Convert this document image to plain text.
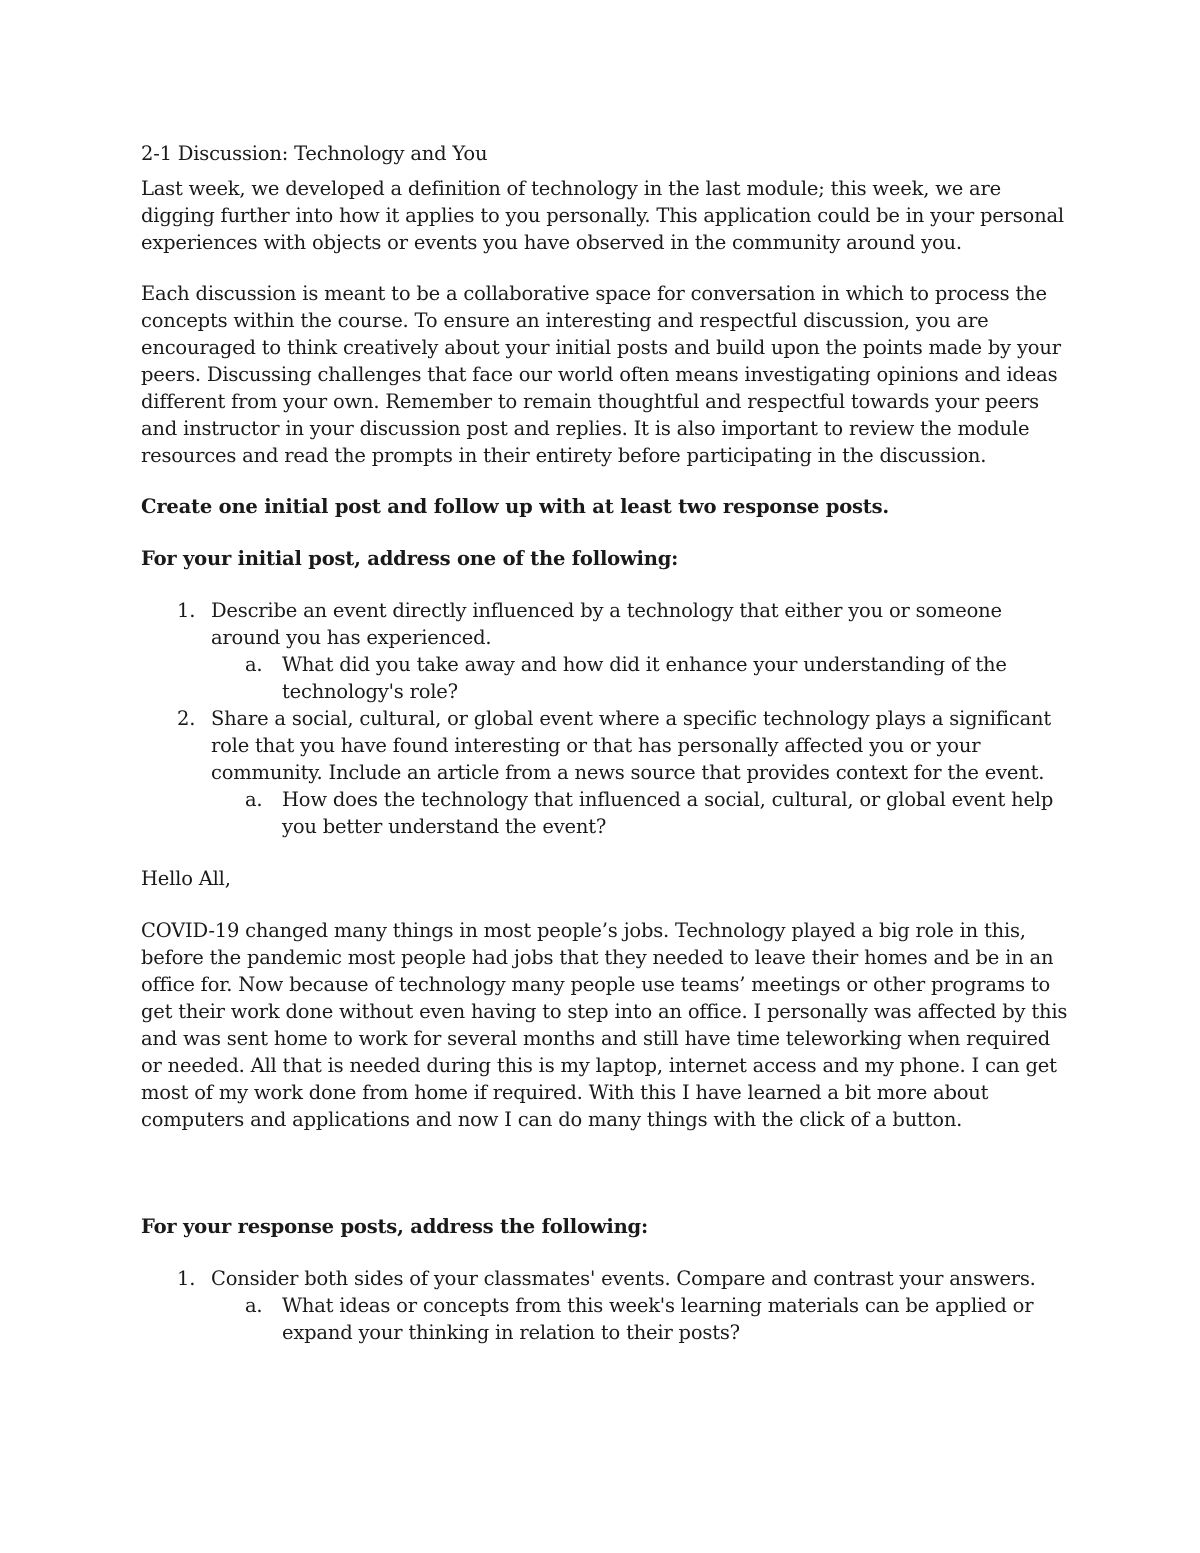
2-1 Discussion: Technology and You

Last week, we developed a definition of technology in the last module; this week, we are digging further into how it applies to you personally. This application could be in your personal experiences with objects or events you have observed in the community around you.

Each discussion is meant to be a collaborative space for conversation in which to process the concepts within the course. To ensure an interesting and respectful discussion, you are encouraged to think creatively about your initial posts and build upon the points made by your peers. Discussing challenges that face our world often means investigating opinions and ideas different from your own. Remember to remain thoughtful and respectful towards your peers and instructor in your discussion post and replies. It is also important to review the module resources and read the prompts in their entirety before participating in the discussion.

Create one initial post and follow up with at least two response posts.

For your initial post, address one of the following:

1. Describe an event directly influenced by a technology that either you or someone around you has experienced.
a. What did you take away and how did it enhance your understanding of the technology's role?
2. Share a social, cultural, or global event where a specific technology plays a significant role that you have found interesting or that has personally affected you or your community. Include an article from a news source that provides context for the event.
a. How does the technology that influenced a social, cultural, or global event help you better understand the event?

Hello All,

COVID-19 changed many things in most people’s jobs. Technology played a big role in this, before the pandemic most people had jobs that they needed to leave their homes and be in an office for. Now because of technology many people use teams’ meetings or other programs to get their work done without even having to step into an office. I personally was affected by this and was sent home to work for several months and still have time teleworking when required or needed. All that is needed during this is my laptop, internet access and my phone. I can get most of my work done from home if required. With this I have learned a bit more about computers and applications and now I can do many things with the click of a button.

For your response posts, address the following:

1. Consider both sides of your classmates' events. Compare and contrast your answers.
a. What ideas or concepts from this week's learning materials can be applied or expand your thinking in relation to their posts?
